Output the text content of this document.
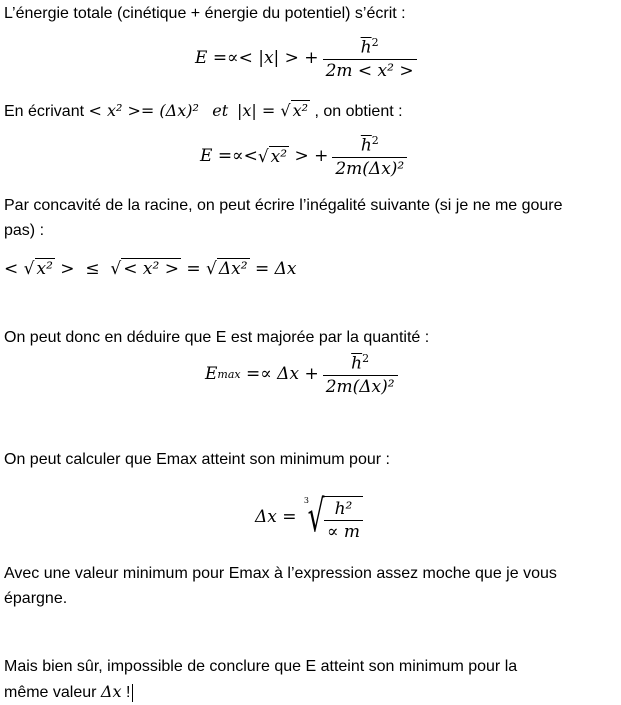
L’énergie totale (cinétique + énergie du potentiel) s’écrit :
E =∝< |x| > + $\frac{\overline{h}^2}{\text{2m < x² >}}$
En écrivant < x² >= (Δx)² et |x| = √ x² , on obtient :
E =∝< √ x² > + $\frac{\overline{h}^2}{\text{2m(Δx)²}}$
Par concavité de la racine, on peut écrire l’inégalité suivante (si je ne me goure
pas) :
< √ x² >  ≤ √ < x² > = √ Δx² = Δx
On peut donc en déduire que E est majorée par la quantité :
E $\max =\propto \Delta x + \frac{\overline{h}^2}{\text{2m(Δx)²}}$
On peut calculer que Emax atteint son minimum pour :
Δx =
3
√ $\frac{\text{h²}}{\propto m}$
Avec une valeur minimum pour Emax à l’expression assez moche que je vous
épargne.
Mais bien sûr, impossible de conclure que E atteint son minimum pour la
même valeur Δx !
